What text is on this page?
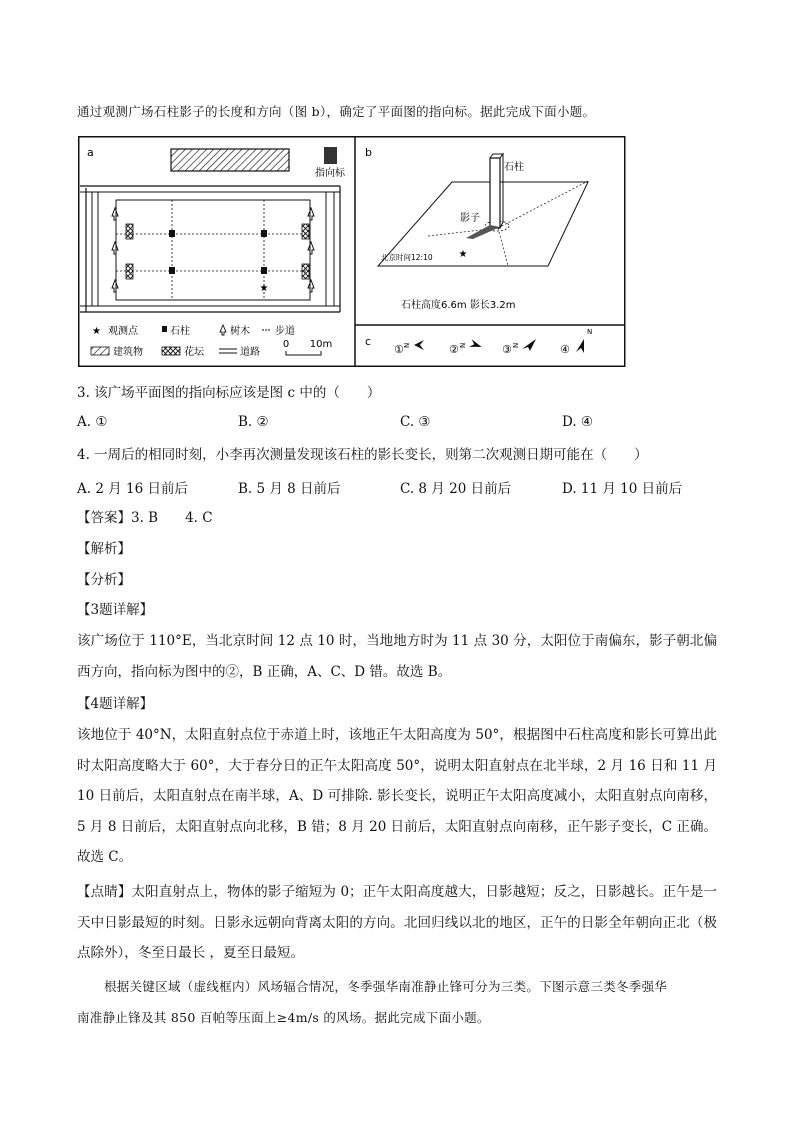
通过观测广场石柱影子的长度和方向（图 b），确定了平面图的指向标。据此完成下面小题。
a
指向标
★
★ 观测点	石柱	树木	步道
建筑物	花坛	道路
0 10m
b
石柱
影子
★
北京时间12:10
石柱高度6.6m 影长3.2m
c
① N	② N	③ N	④
N
3. 该广场平面图的指向标应该是图 c 中的（　　）
A. ①	B. ②	C. ③	D. ④
4. 一周后的相同时刻，小李再次测量发现该石柱的影长变长，则第二次观测日期可能在（　　）
A. 2 月 16 日前后	B. 5 月 8 日前后	C. 8 月 20 日前后	D. 11 月 10 日前后
【答案】3. B　　4. C
【解析】
【分析】
【3题详解】
该广场位于 110°E，当北京时间 12 点 10 时，当地地方时为 11 点 30 分，太阳位于南偏东，影子朝北偏西方向，指向标为图中的②，B 正确，A、C、D 错。故选 B。
【4题详解】
该地位于 40°N，太阳直射点位于赤道上时，该地正午太阳高度为 50°，根据图中石柱高度和影长可算出此时太阳高度略大于 60°，大于春分日的正午太阳高度 50°，说明太阳直射点在北半球，2 月 16 日和 11 月 10 日前后，太阳直射点在南半球，A、D 可排除. 影长变长，说明正午太阳高度减小，太阳直射点向南移，5 月 8 日前后，太阳直射点向北移，B 错；8 月 20 日前后，太阳直射点向南移，正午影子变长，C 正确。故选 C。
【点睛】太阳直射点上，物体的影子缩短为 0；正午太阳高度越大，日影越短；反之，日影越长。正午是一天中日影最短的时刻。日影永远朝向背离太阳的方向。北回归线以北的地区，正午的日影全年朝向正北（极点除外），冬至日最长 ，夏至日最短。
根据关键区域（虚线框内）风场辐合情况，冬季强华南准静止锋可分为三类。下图示意三类冬季强华
南准静止锋及其 850 百帕等压面上≥4m/s 的风场。据此完成下面小题。
